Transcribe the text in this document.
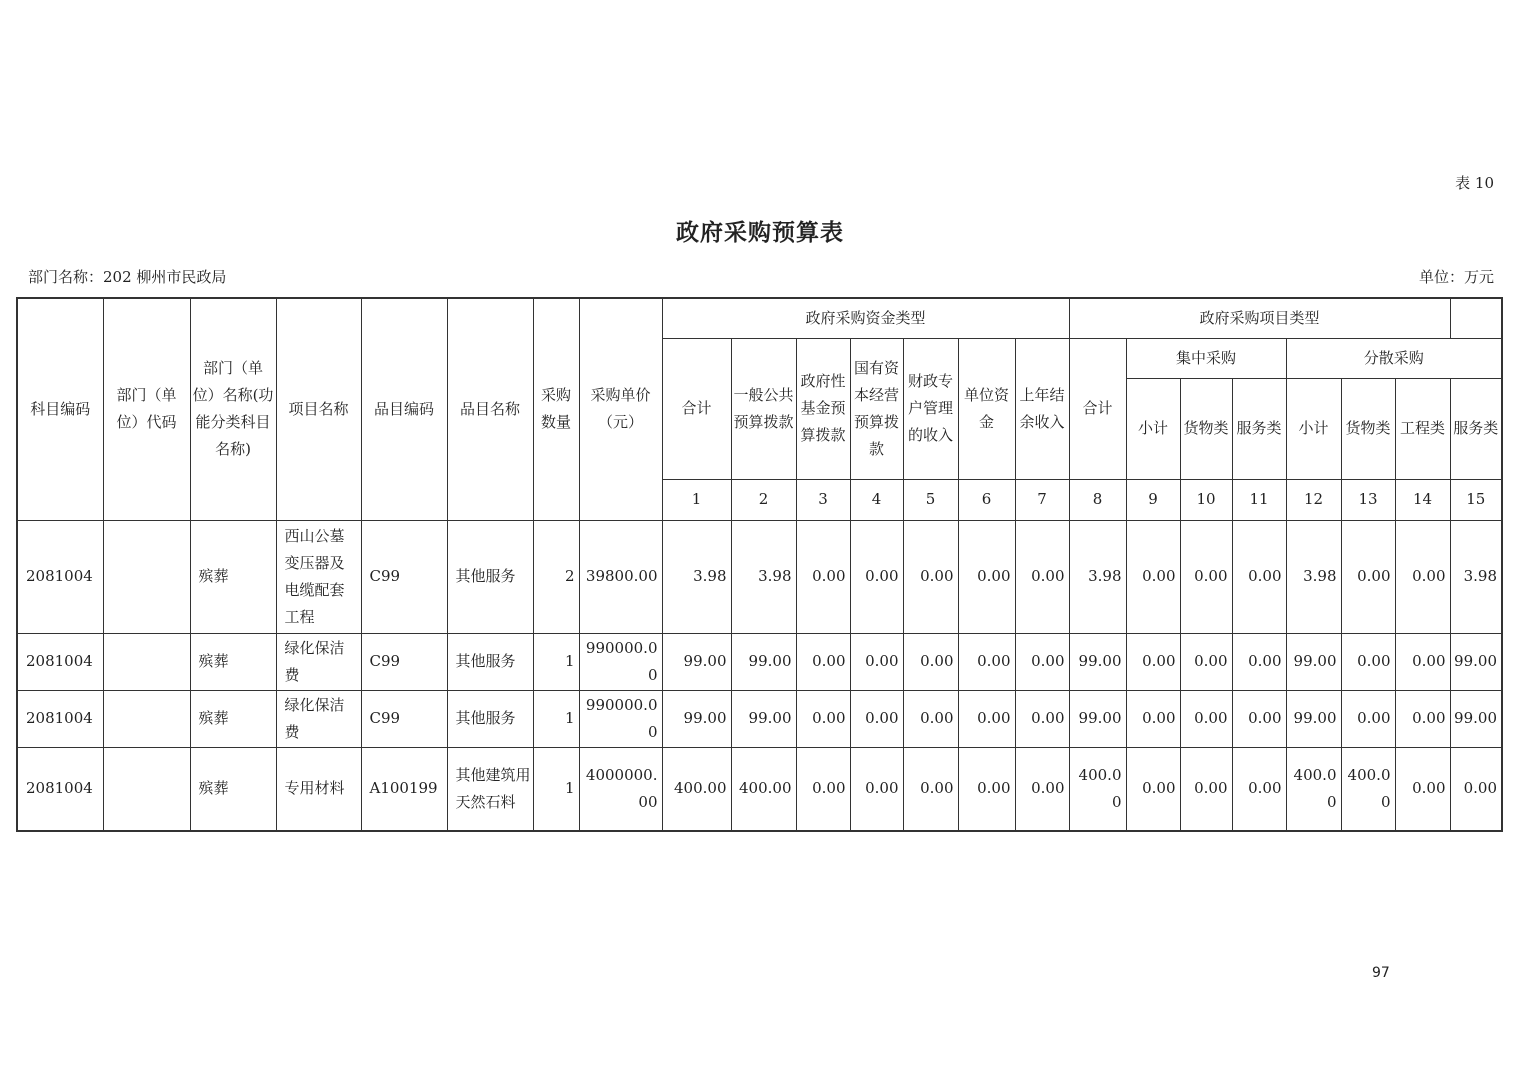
表 10
政府采购预算表
部门名称：202 柳州市民政局	单位：万元
科目编码	部门（单位）代码	部门（单位）名称(功能分类科目名称)	项目名称	品目编码	品目名称	采购数量	采购单价（元）	政府采购资金类型							政府采购项目类型							
								合计	一般公共预算拨款	政府性基金预算拨款	国有资本经营预算拨款	财政专户管理的收入	单位资金	上年结余收入	合计	集中采购			分散采购			
																小计	货物类	服务类	小计	货物类	工程类	服务类
								1	2	3	4	5	6	7	8	9	10	11	12	13	14	15
2081004		殡葬	西山公墓变压器及电缆配套工程	C99	其他服务	2	39800.00	3.98	3.98	0.00	0.00	0.00	0.00	0.00	3.98	0.00	0.00	0.00	3.98	0.00	0.00	3.98
2081004		殡葬	绿化保洁费	C99	其他服务	1	990000.00	99.00	99.00	0.00	0.00	0.00	0.00	0.00	99.00	0.00	0.00	0.00	99.00	0.00	0.00	99.00
2081004		殡葬	绿化保洁费	C99	其他服务	1	990000.00	99.00	99.00	0.00	0.00	0.00	0.00	0.00	99.00	0.00	0.00	0.00	99.00	0.00	0.00	99.00
2081004		殡葬	专用材料	A100199	其他建筑用天然石料	1	4000000.00	400.00	400.00	0.00	0.00	0.00	0.00	0.00	400.00	0.00	0.00	0.00	400.00	400.00	0.00	0.00
97
